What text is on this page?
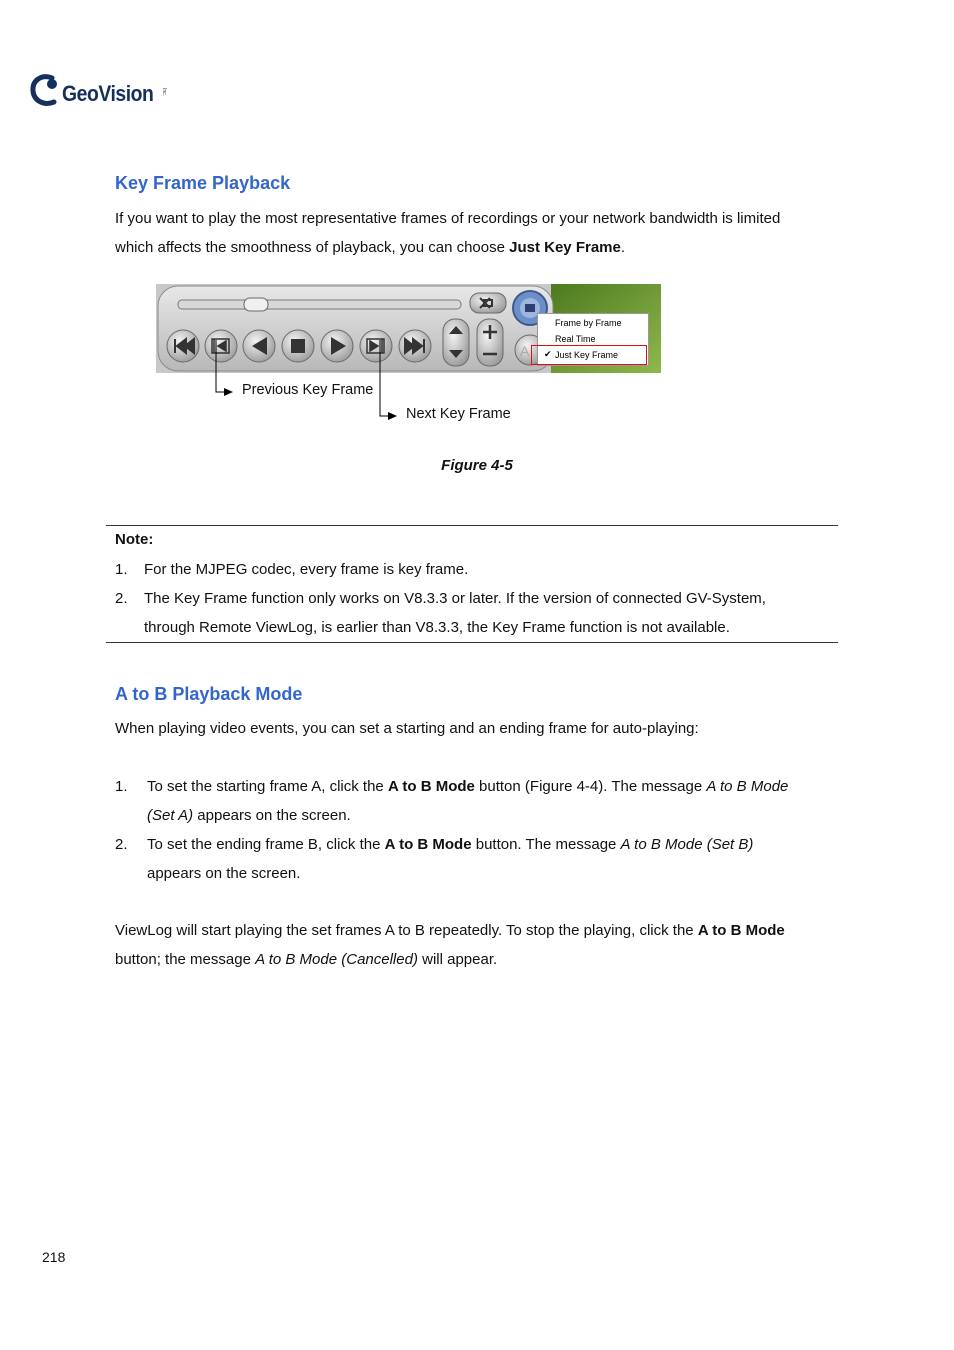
GeoVision Inc.
Key Frame Playback

If you want to play the most representative frames of recordings or your network bandwidth is limited
which affects the smoothness of playback, you can choose Just Key Frame.

A
Frame by Frame
Real Time
✔ Just Key Frame
Previous Key Frame
Next Key Frame
Figure 4-5
Note:
1. For the MJPEG codec, every frame is key frame.
2. The Key Frame function only works on V8.3.3 or later. If the version of connected GV-System,
through Remote ViewLog, is earlier than V8.3.3, the Key Frame function is not available.
A to B Playback Mode

When playing video events, you can set a starting and an ending frame for auto-playing:

1. To set the starting frame A, click the A to B Mode button (Figure 4-4). The message A to B Mode
(Set A) appears on the screen.
2. To set the ending frame B, click the A to B Mode button. The message A to B Mode (Set B)
appears on the screen.

ViewLog will start playing the set frames A to B repeatedly. To stop the playing, click the A to B Mode
button; the message A to B Mode (Cancelled) will appear.

218
